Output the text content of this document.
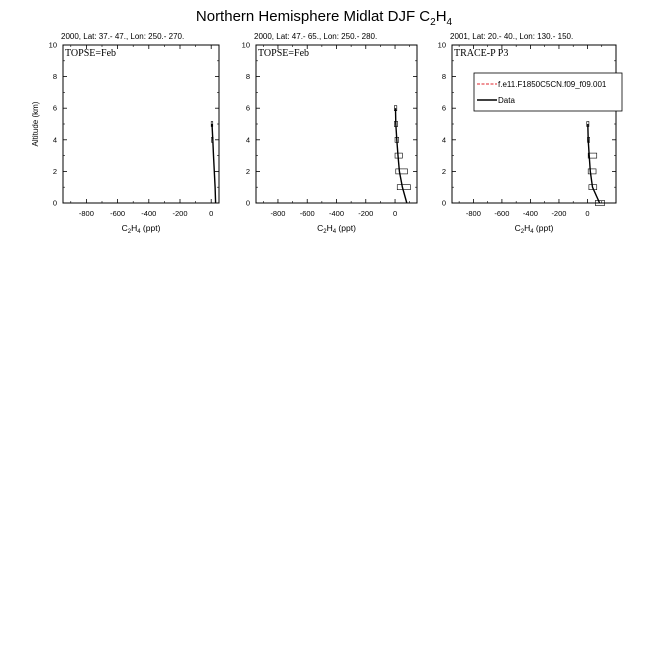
Northern Hemisphere Midlat DJF $C_2H_4$
2000, Lat: 37.- 47., Lon: 250.- 270.
TOPSE=Feb
-800 -600 -400 -200	0
0
2
4
6
8
10
$C_2H_4$ (ppt)
Altitude (km)
2000, Lat: 47.- 65., Lon: 250.- 280.
TOPSE=Feb
-800 -600 -400 -200	0
0
2
4
6
8
10
$C_2H_4$ (ppt)
2001, Lat: 20.- 40., Lon: 130.- 150.
TRACE-P P3
-800 -600 -400 -200	0
0
2
4
6
8
10
$C_2H_4$ (ppt)
f.e11.F1850C5CN.f09_f09.001
Data
